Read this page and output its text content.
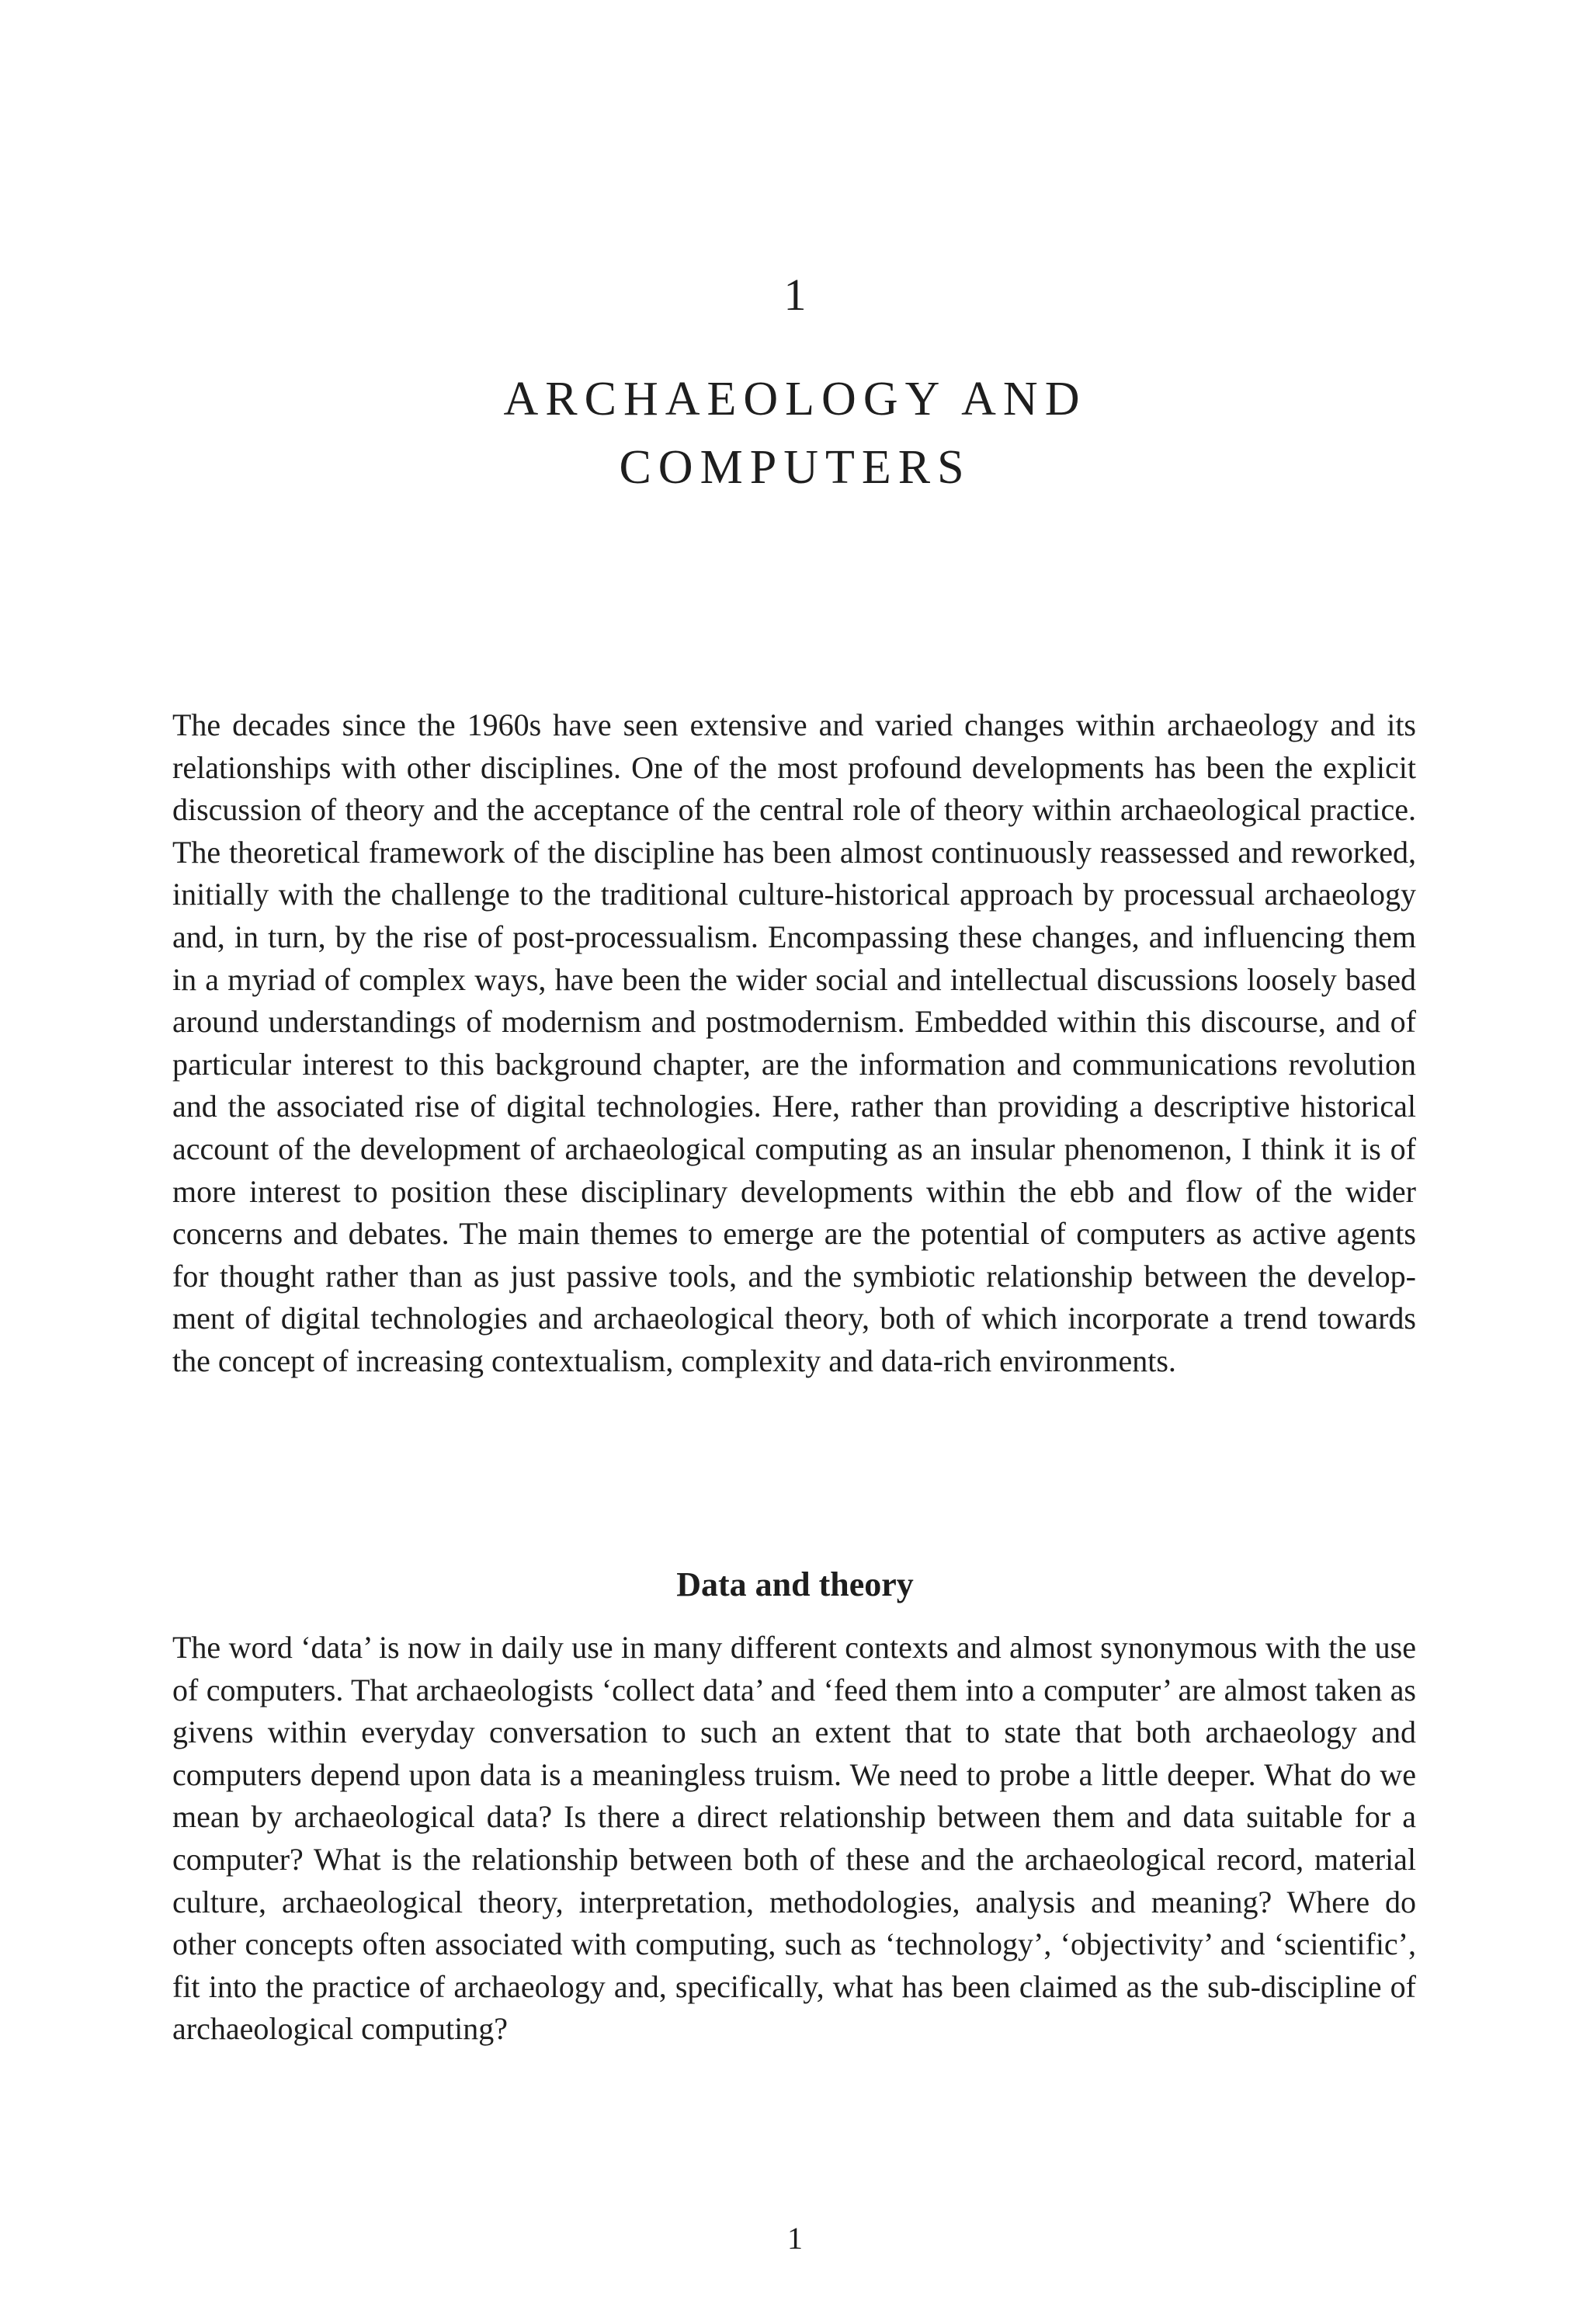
1
ARCHAEOLOGY AND
COMPUTERS

The decades since the 1960s have seen extensive and varied changes within archaeology and its relationships with other disciplines. One of the most profound developments has been the explicit discussion of theory and the acceptance of the central role of theory within archaeological practice. The theoretical framework of the discipline has been almost continuously reassessed and reworked, initially with the challenge to the traditional culture-historical approach by processual archaeology and, in turn, by the rise of post-processualism. Encompassing these changes, and influencing them in a myriad of complex ways, have been the wider social and intellectual discussions loosely based around understandings of modernism and postmodernism. Embedded within this discourse, and of particular interest to this background chapter, are the information and communications revolution and the associated rise of digital technologies. Here, rather than providing a descriptive historical account of the development of archaeological computing as an insular phenomenon, I think it is of more interest to position these disciplinary developments within the ebb and flow of the wider concerns and debates. The main themes to emerge are the potential of computers as active agents for thought rather than as just passive tools, and the symbiotic relationship between the development of digital technologies and archaeological theory, both of which incorporate a trend towards the concept of increasing contextualism, complexity and data-rich environments.

Data and theory

The word ‘data’ is now in daily use in many different contexts and almost synonymous with the use of computers. That archaeologists ‘collect data’ and ‘feed them into a computer’ are almost taken as givens within everyday conversation to such an extent that to state that both archaeology and computers depend upon data is a meaningless truism. We need to probe a little deeper. What do we mean by archaeological data? Is there a direct relationship between them and data suitable for a computer? What is the relationship between both of these and the archaeological record, material culture, archaeological theory, interpretation, methodologies, analysis and meaning? Where do other concepts often associated with computing, such as ‘technology’, ‘objectivity’ and ‘scientific’, fit into the practice of archaeology and, specifically, what has been claimed as the sub-discipline of archaeological computing?

1
